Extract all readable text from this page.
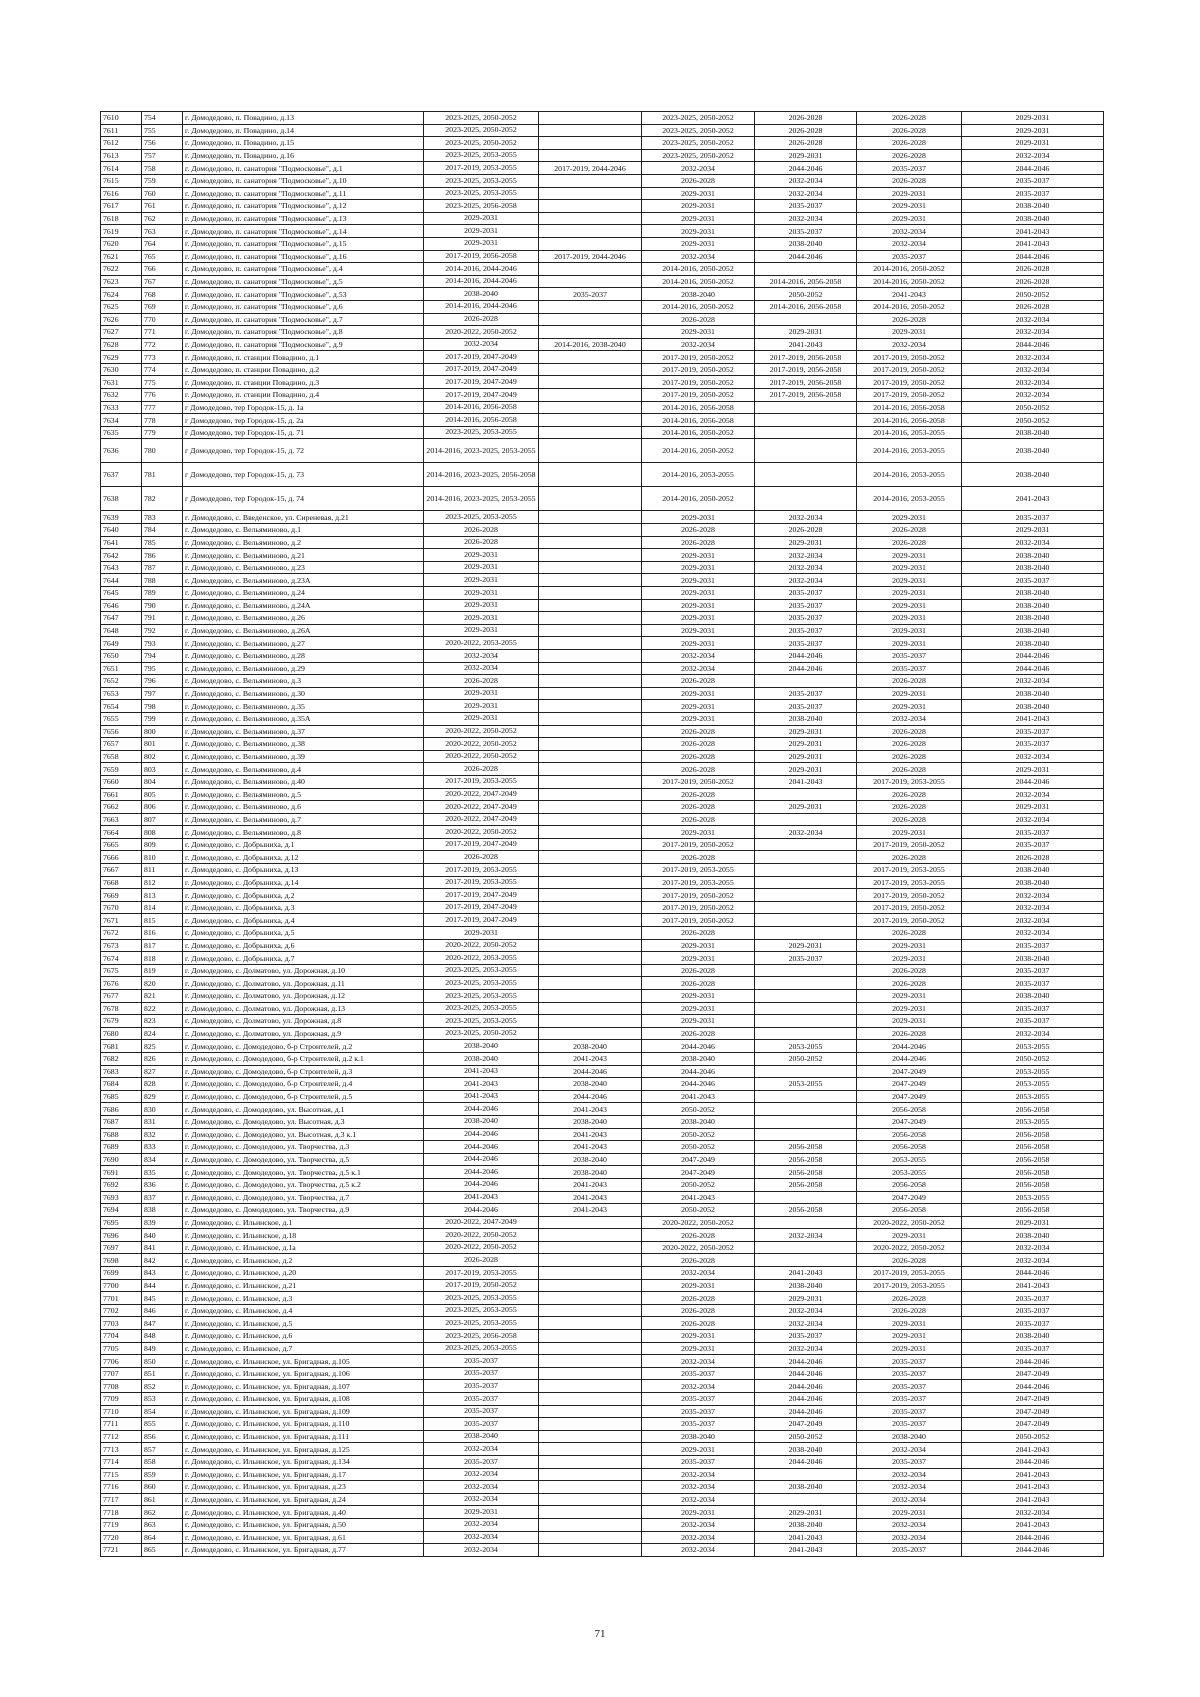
7610	754	г. Домодедово, п. Повадино, д.13	2023-2025, 2050-2052		2023-2025, 2050-2052	2026-2028	2026-2028	2029-2031
7611	755	г. Домодедово, п. Повадино, д.14	2023-2025, 2050-2052		2023-2025, 2050-2052	2026-2028	2026-2028	2029-2031
7612	756	г. Домодедово, п. Повадино, д.15	2023-2025, 2050-2052		2023-2025, 2050-2052	2026-2028	2026-2028	2029-2031
7613	757	г. Домодедово, п. Повадино, д.16	2023-2025, 2053-2055		2023-2025, 2050-2052	2029-2031	2026-2028	2032-2034
7614	758	г. Домодедово, п. санатория "Подмосковье", д.1	2017-2019, 2053-2055	2017-2019, 2044-2046	2032-2034	2044-2046	2035-2037	2044-2046
7615	759	г. Домодедово, п. санатория "Подмосковье", д.10	2023-2025, 2053-2055		2026-2028	2032-2034	2026-2028	2035-2037
7616	760	г. Домодедово, п. санатория "Подмосковье", д.11	2023-2025, 2053-2055		2029-2031	2032-2034	2029-2031	2035-2037
7617	761	г. Домодедово, п. санатория "Подмосковье", д.12	2023-2025, 2056-2058		2029-2031	2035-2037	2029-2031	2038-2040
7618	762	г. Домодедово, п. санатория "Подмосковье", д.13	2029-2031		2029-2031	2032-2034	2029-2031	2038-2040
7619	763	г. Домодедово, п. санатория "Подмосковье", д.14	2029-2031		2029-2031	2035-2037	2032-2034	2041-2043
7620	764	г. Домодедово, п. санатория "Подмосковье", д.15	2029-2031		2029-2031	2038-2040	2032-2034	2041-2043
7621	765	г. Домодедово, п. санатория "Подмосковье", д.16	2017-2019, 2056-2058	2017-2019, 2044-2046	2032-2034	2044-2046	2035-2037	2044-2046
7622	766	г. Домодедово, п. санатория "Подмосковье", д.4	2014-2016, 2044-2046		2014-2016, 2050-2052		2014-2016, 2050-2052	2026-2028
7623	767	г. Домодедово, п. санатория "Подмосковье", д.5	2014-2016, 2044-2046		2014-2016, 2050-2052	2014-2016, 2056-2058	2014-2016, 2050-2052	2026-2028
7624	768	г. Домодедово, п. санатория "Подмосковье", д.53	2038-2040	2035-2037	2038-2040	2050-2052	2041-2043	2050-2052
7625	769	г. Домодедово, п. санатория "Подмосковье", д.6	2014-2016, 2044-2046		2014-2016, 2050-2052	2014-2016, 2056-2058	2014-2016, 2050-2052	2026-2028
7626	770	г. Домодедово, п. санатория "Подмосковье", д.7	2026-2028		2026-2028		2026-2028	2032-2034
7627	771	г. Домодедово, п. санатория "Подмосковье", д.8	2020-2022, 2050-2052		2029-2031	2029-2031	2029-2031	2032-2034
7628	772	г. Домодедово, п. санатория "Подмосковье", д.9	2032-2034	2014-2016, 2038-2040	2032-2034	2041-2043	2032-2034	2044-2046
7629	773	г. Домодедово, п. станции Повадино, д.1	2017-2019, 2047-2049		2017-2019, 2050-2052	2017-2019, 2056-2058	2017-2019, 2050-2052	2032-2034
7630	774	г. Домодедово, п. станции Повадино, д.2	2017-2019, 2047-2049		2017-2019, 2050-2052	2017-2019, 2056-2058	2017-2019, 2050-2052	2032-2034
7631	775	г. Домодедово, п. станции Повадино, д.3	2017-2019, 2047-2049		2017-2019, 2050-2052	2017-2019, 2056-2058	2017-2019, 2050-2052	2032-2034
7632	776	г. Домодедово, п. станции Повадино, д.4	2017-2019, 2047-2049		2017-2019, 2050-2052	2017-2019, 2056-2058	2017-2019, 2050-2052	2032-2034
7633	777	г Домодедово, тер Городок-15, д. 1а	2014-2016, 2056-2058		2014-2016, 2056-2058		2014-2016, 2056-2058	2050-2052
7634	778	г Домодедово, тер Городок-15, д. 2а	2014-2016, 2056-2058		2014-2016, 2056-2058		2014-2016, 2056-2058	2050-2052
7635	779	г Домодедово, тер Городок-15, д. 71	2023-2025, 2053-2055		2014-2016, 2050-2052		2014-2016, 2053-2055	2038-2040
7636	780	г Домодедово, тер Городок-15, д. 72	2014-2016, 2023-2025, 2053-2055		2014-2016, 2050-2052		2014-2016, 2053-2055	2038-2040
7637	781	г Домодедово, тер Городок-15, д. 73	2014-2016, 2023-2025, 2056-2058		2014-2016, 2053-2055		2014-2016, 2053-2055	2038-2040
7638	782	г Домодедово, тер Городок-15, д. 74	2014-2016, 2023-2025, 2053-2055		2014-2016, 2050-2052		2014-2016, 2053-2055	2041-2043
7639	783	г. Домодедово, с. Введенское, ул. Сиреневая, д.21	2023-2025, 2053-2055		2029-2031	2032-2034	2029-2031	2035-2037
7640	784	г. Домодедово, с. Вельяминово, д.1	2026-2028		2026-2028	2026-2028	2026-2028	2029-2031
7641	785	г. Домодедово, с. Вельяминово, д.2	2026-2028		2026-2028	2029-2031	2026-2028	2032-2034
7642	786	г. Домодедово, с. Вельяминово, д.21	2029-2031		2029-2031	2032-2034	2029-2031	2038-2040
7643	787	г. Домодедово, с. Вельяминово, д.23	2029-2031		2029-2031	2032-2034	2029-2031	2038-2040
7644	788	г. Домодедово, с. Вельяминово, д.23А	2029-2031		2029-2031	2032-2034	2029-2031	2035-2037
7645	789	г. Домодедово, с. Вельяминово, д.24	2029-2031		2029-2031	2035-2037	2029-2031	2038-2040
7646	790	г. Домодедово, с. Вельяминово, д.24А	2029-2031		2029-2031	2035-2037	2029-2031	2038-2040
7647	791	г. Домодедово, с. Вельяминово, д.26	2029-2031		2029-2031	2035-2037	2029-2031	2038-2040
7648	792	г. Домодедово, с. Вельяминово, д.26А	2029-2031		2029-2031	2035-2037	2029-2031	2038-2040
7649	793	г. Домодедово, с. Вельяминово, д.27	2020-2022, 2053-2055		2029-2031	2035-2037	2029-2031	2038-2040
7650	794	г. Домодедово, с. Вельяминово, д.28	2032-2034		2032-2034	2044-2046	2035-2037	2044-2046
7651	795	г. Домодедово, с. Вельяминово, д.29	2032-2034		2032-2034	2044-2046	2035-2037	2044-2046
7652	796	г. Домодедово, с. Вельяминово, д.3	2026-2028		2026-2028		2026-2028	2032-2034
7653	797	г. Домодедово, с. Вельяминово, д.30	2029-2031		2029-2031	2035-2037	2029-2031	2038-2040
7654	798	г. Домодедово, с. Вельяминово, д.35	2029-2031		2029-2031	2035-2037	2029-2031	2038-2040
7655	799	г. Домодедово, с. Вельяминово, д.35А	2029-2031		2029-2031	2038-2040	2032-2034	2041-2043
7656	800	г. Домодедово, с. Вельяминово, д.37	2020-2022, 2050-2052		2026-2028	2029-2031	2026-2028	2035-2037
7657	801	г. Домодедово, с. Вельяминово, д.38	2020-2022, 2050-2052		2026-2028	2029-2031	2026-2028	2035-2037
7658	802	г. Домодедово, с. Вельяминово, д.39	2020-2022, 2050-2052		2026-2028	2029-2031	2026-2028	2032-2034
7659	803	г. Домодедово, с. Вельяминово, д.4	2026-2028		2026-2028	2029-2031	2026-2028	2029-2031
7660	804	г. Домодедово, с. Вельяминово, д.40	2017-2019, 2053-2055		2017-2019, 2050-2052	2041-2043	2017-2019, 2053-2055	2044-2046
7661	805	г. Домодедово, с. Вельяминово, д.5	2020-2022, 2047-2049		2026-2028		2026-2028	2032-2034
7662	806	г. Домодедово, с. Вельяминово, д.6	2020-2022, 2047-2049		2026-2028	2029-2031	2026-2028	2029-2031
7663	807	г. Домодедово, с. Вельяминово, д.7	2020-2022, 2047-2049		2026-2028		2026-2028	2032-2034
7664	808	г. Домодедово, с. Вельяминово, д.8	2020-2022, 2050-2052		2029-2031	2032-2034	2029-2031	2035-2037
7665	809	г. Домодедово, с. Добрыниха, д.1	2017-2019, 2047-2049		2017-2019, 2050-2052		2017-2019, 2050-2052	2035-2037
7666	810	г. Домодедово, с. Добрыниха, д.12	2026-2028		2026-2028		2026-2028	2026-2028
7667	811	г. Домодедово, с. Добрыниха, д.13	2017-2019, 2053-2055		2017-2019, 2053-2055		2017-2019, 2053-2055	2038-2040
7668	812	г. Домодедово, с. Добрыниха, д.14	2017-2019, 2053-2055		2017-2019, 2053-2055		2017-2019, 2053-2055	2038-2040
7669	813	г. Домодедово, с. Добрыниха, д.2	2017-2019, 2047-2049		2017-2019, 2050-2052		2017-2019, 2050-2052	2032-2034
7670	814	г. Домодедово, с. Добрыниха, д.3	2017-2019, 2047-2049		2017-2019, 2050-2052		2017-2019, 2050-2052	2032-2034
7671	815	г. Домодедово, с. Добрыниха, д.4	2017-2019, 2047-2049		2017-2019, 2050-2052		2017-2019, 2050-2052	2032-2034
7672	816	г. Домодедово, с. Добрыниха, д.5	2029-2031		2026-2028		2026-2028	2032-2034
7673	817	г. Домодедово, с. Добрыниха, д.6	2020-2022, 2050-2052		2029-2031	2029-2031	2029-2031	2035-2037
7674	818	г. Домодедово, с. Добрыниха, д.7	2020-2022, 2053-2055		2029-2031	2035-2037	2029-2031	2038-2040
7675	819	г. Домодедово, с. Долматово, ул. Дорожная, д.10	2023-2025, 2053-2055		2026-2028		2026-2028	2035-2037
7676	820	г. Домодедово, с. Долматово, ул. Дорожная, д.11	2023-2025, 2053-2055		2026-2028		2026-2028	2035-2037
7677	821	г. Домодедово, с. Долматово, ул. Дорожная, д.12	2023-2025, 2053-2055		2029-2031		2029-2031	2038-2040
7678	822	г. Домодедово, с. Долматово, ул. Дорожная, д.13	2023-2025, 2053-2055		2029-2031		2029-2031	2035-2037
7679	823	г. Домодедово, с. Долматово, ул. Дорожная, д.8	2023-2025, 2053-2055		2029-2031		2029-2031	2035-2037
7680	824	г. Домодедово, с. Долматово, ул. Дорожная, д.9	2023-2025, 2050-2052		2026-2028		2026-2028	2032-2034
7681	825	г. Домодедово, с. Домодедово, б-р Строителей, д.2	2038-2040	2038-2040	2044-2046	2053-2055	2044-2046	2053-2055
7682	826	г. Домодедово, с. Домодедово, б-р Строителей, д.2 к.1	2038-2040	2041-2043	2038-2040	2050-2052	2044-2046	2050-2052
7683	827	г. Домодедово, с. Домодедово, б-р Строителей, д.3	2041-2043	2044-2046	2044-2046		2047-2049	2053-2055
7684	828	г. Домодедово, с. Домодедово, б-р Строителей, д.4	2041-2043	2038-2040	2044-2046	2053-2055	2047-2049	2053-2055
7685	829	г. Домодедово, с. Домодедово, б-р Строителей, д.5	2041-2043	2044-2046	2041-2043		2047-2049	2053-2055
7686	830	г. Домодедово, с. Домодедово, ул. Высотная, д.1	2044-2046	2041-2043	2050-2052		2056-2058	2056-2058
7687	831	г. Домодедово, с. Домодедово, ул. Высотная, д.3	2038-2040	2038-2040	2038-2040		2047-2049	2053-2055
7688	832	г. Домодедово, с. Домодедово, ул. Высотная, д.3 к.1	2044-2046	2041-2043	2050-2052		2056-2058	2056-2058
7689	833	г. Домодедово, с. Домодедово, ул. Творчества, д.3	2044-2046	2041-2043	2050-2052	2056-2058	2056-2058	2056-2058
7690	834	г. Домодедово, с. Домодедово, ул. Творчества, д.5	2044-2046	2038-2040	2047-2049	2056-2058	2053-2055	2056-2058
7691	835	г. Домодедово, с. Домодедово, ул. Творчества, д.5 к.1	2044-2046	2038-2040	2047-2049	2056-2058	2053-2055	2056-2058
7692	836	г. Домодедово, с. Домодедово, ул. Творчества, д.5 к.2	2044-2046	2041-2043	2050-2052	2056-2058	2056-2058	2056-2058
7693	837	г. Домодедово, с. Домодедово, ул. Творчества, д.7	2041-2043	2041-2043	2041-2043		2047-2049	2053-2055
7694	838	г. Домодедово, с. Домодедово, ул. Творчества, д.9	2044-2046	2041-2043	2050-2052	2056-2058	2056-2058	2056-2058
7695	839	г. Домодедово, с. Ильинское, д.1	2020-2022, 2047-2049		2020-2022, 2050-2052		2020-2022, 2050-2052	2029-2031
7696	840	г. Домодедово, с. Ильинское, д.18	2020-2022, 2050-2052		2026-2028	2032-2034	2029-2031	2038-2040
7697	841	г. Домодедово, с. Ильинское, д.1а	2020-2022, 2050-2052		2020-2022, 2050-2052		2020-2022, 2050-2052	2032-2034
7698	842	г. Домодедово, с. Ильинское, д.2	2026-2028		2026-2028		2026-2028	2032-2034
7699	843	г. Домодедово, с. Ильинское, д.20	2017-2019, 2053-2055		2032-2034	2041-2043	2017-2019, 2053-2055	2044-2046
7700	844	г. Домодедово, с. Ильинское, д.21	2017-2019, 2050-2052		2029-2031	2038-2040	2017-2019, 2053-2055	2041-2043
7701	845	г. Домодедово, с. Ильинское, д.3	2023-2025, 2053-2055		2026-2028	2029-2031	2026-2028	2035-2037
7702	846	г. Домодедово, с. Ильинское, д.4	2023-2025, 2053-2055		2026-2028	2032-2034	2026-2028	2035-2037
7703	847	г. Домодедово, с. Ильинское, д.5	2023-2025, 2053-2055		2026-2028	2032-2034	2029-2031	2035-2037
7704	848	г. Домодедово, с. Ильинское, д.6	2023-2025, 2056-2058		2029-2031	2035-2037	2029-2031	2038-2040
7705	849	г. Домодедово, с. Ильинское, д.7	2023-2025, 2053-2055		2029-2031	2032-2034	2029-2031	2035-2037
7706	850	г. Домодедово, с. Ильинское, ул. Бригадная, д.105	2035-2037		2032-2034	2044-2046	2035-2037	2044-2046
7707	851	г. Домодедово, с. Ильинское, ул. Бригадная, д.106	2035-2037		2035-2037	2044-2046	2035-2037	2047-2049
7708	852	г. Домодедово, с. Ильинское, ул. Бригадная, д.107	2035-2037		2032-2034	2044-2046	2035-2037	2044-2046
7709	853	г. Домодедово, с. Ильинское, ул. Бригадная, д.108	2035-2037		2035-2037	2044-2046	2035-2037	2047-2049
7710	854	г. Домодедово, с. Ильинское, ул. Бригадная, д.109	2035-2037		2035-2037	2044-2046	2035-2037	2047-2049
7711	855	г. Домодедово, с. Ильинское, ул. Бригадная, д.110	2035-2037		2035-2037	2047-2049	2035-2037	2047-2049
7712	856	г. Домодедово, с. Ильинское, ул. Бригадная, д.111	2038-2040		2038-2040	2050-2052	2038-2040	2050-2052
7713	857	г. Домодедово, с. Ильинское, ул. Бригадная, д.125	2032-2034		2029-2031	2038-2040	2032-2034	2041-2043
7714	858	г. Домодедово, с. Ильинское, ул. Бригадная, д.134	2035-2037		2035-2037	2044-2046	2035-2037	2044-2046
7715	859	г. Домодедово, с. Ильинское, ул. Бригадная, д.17	2032-2034		2032-2034		2032-2034	2041-2043
7716	860	г. Домодедово, с. Ильинское, ул. Бригадная, д.23	2032-2034		2032-2034	2038-2040	2032-2034	2041-2043
7717	861	г. Домодедово, с. Ильинское, ул. Бригадная, д.24	2032-2034		2032-2034		2032-2034	2041-2043
7718	862	г. Домодедово, с. Ильинское, ул. Бригадная, д.40	2029-2031		2029-2031	2029-2031	2029-2031	2032-2034
7719	863	г. Домодедово, с. Ильинское, ул. Бригадная, д.50	2032-2034		2032-2034	2038-2040	2032-2034	2041-2043
7720	864	г. Домодедово, с. Ильинское, ул. Бригадная, д.61	2032-2034		2032-2034	2041-2043	2032-2034	2044-2046
7721	865	г. Домодедово, с. Ильинское, ул. Бригадная, д.77	2032-2034		2032-2034	2041-2043	2035-2037	2044-2046
71
